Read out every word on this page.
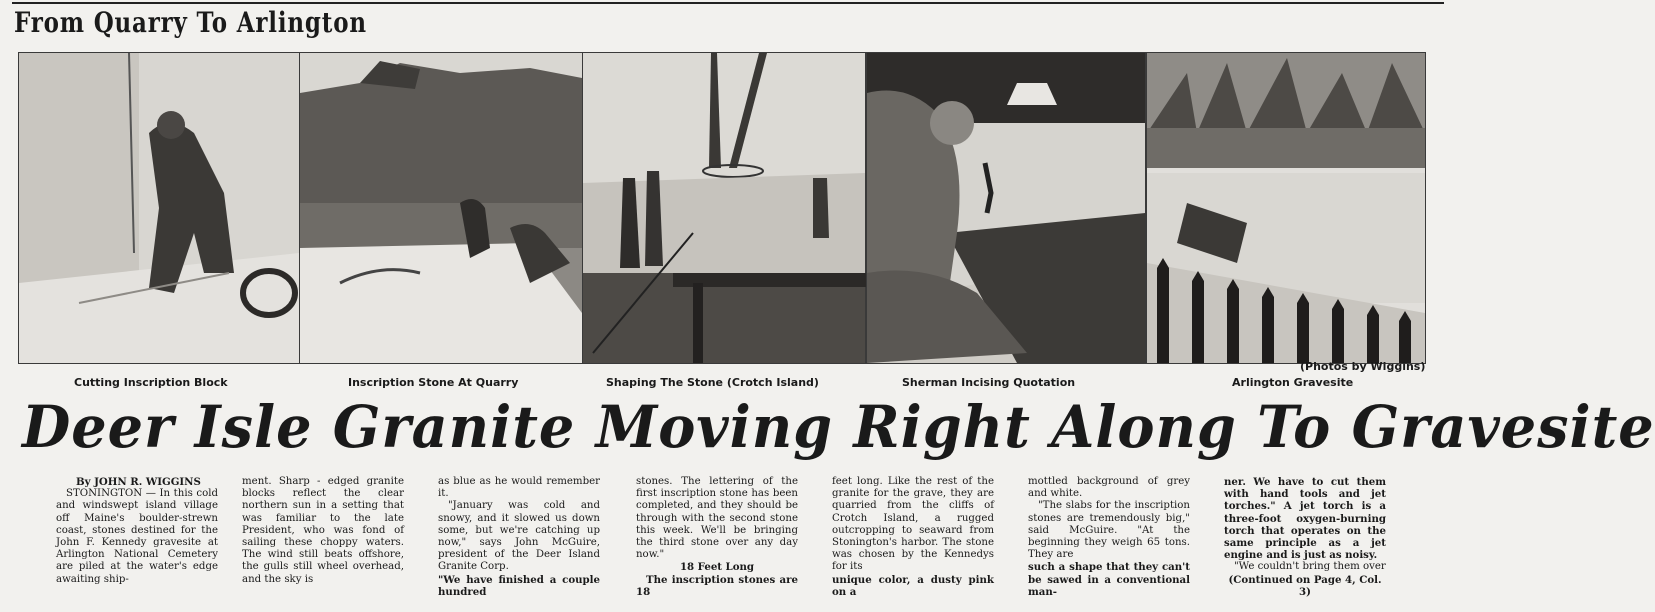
From Quarry To Arlington
(Photos by Wiggins)
Cutting Inscription Block	Inscription Stone At Quarry	Shaping The Stone (Crotch Island)	Sherman Incising Quotation	Arlington Gravesite
Deer Isle Granite Moving Right Along To Gravesite
By JOHN R. WIGGINS

STONINGTON — In this cold and windswept island village off Maine's boulder-strewn coast, stones destined for the John F. Kennedy gravesite at Arlington National Cemetery are piled at the water's edge awaiting ship-

ment. Sharp - edged granite blocks reflect the clear northern sun in a setting that was familiar to the late President, who was fond of sailing these choppy waters. The wind still beats offshore, the gulls still wheel overhead, and the sky is

as blue as he would remember it.

"January was cold and snowy, and it slowed us down some, but we're catching up now," says John McGuire, president of the Deer Island Granite Corp.

"We have finished a couple hundred

stones. The lettering of the first inscription stone has been completed, and they should be through with the second stone this week. We'll be bringing the third stone over any day now."

18 Feet Long

The inscription stones are 18

feet long. Like the rest of the granite for the grave, they are quarried from the cliffs of Crotch Island, a rugged outcropping to seaward from Stonington's harbor. The stone was chosen by the Kennedys for its

unique color, a dusty pink on a

mottled background of grey and white.

"The slabs for the inscription stones are tremendously big," said McGuire. "At the beginning they weigh 65 tons. They are

such a shape that they can't be sawed in a conventional man-

ner. We have to cut them with hand tools and jet torches." A jet torch is a three-foot oxygen-burning torch that operates on the same principle as a jet engine and is just as noisy.

"We couldn't bring them over

(Continued on Page 4, Col. 3)
